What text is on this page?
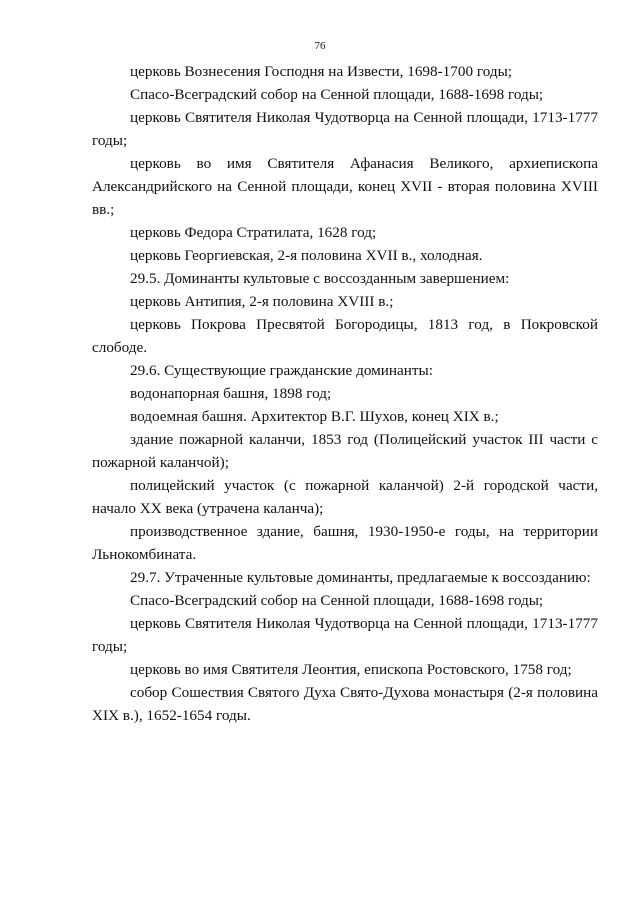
76

церковь Вознесения Господня на Извести, 1698-1700 годы;

Спасо-Всеградский собор на Сенной площади, 1688-1698 годы;

церковь Святителя Николая Чудотворца на Сенной площади, 1713-1777 годы;

церковь во имя Святителя Афанасия Великого, архиепископа Александрийского на Сенной площади, конец XVII - вторая половина XVIII вв.;

церковь Федора Стратилата, 1628 год;

церковь Георгиевская, 2-я половина XVII в., холодная.

29.5. Доминанты культовые с воссозданным завершением:

церковь Антипия, 2-я половина XVIII в.;

церковь Покрова Пресвятой Богородицы, 1813 год, в Покровской слободе.

29.6. Существующие гражданские доминанты:

водонапорная башня, 1898 год;

водоемная башня. Архитектор В.Г. Шухов, конец XIX в.;

здание пожарной каланчи, 1853 год (Полицейский участок III части с пожарной каланчой);

полицейский участок (с пожарной каланчой) 2-й городской части, начало XX века (утрачена каланча);

производственное здание, башня, 1930-1950-е годы, на территории Льнокомбината.

29.7. Утраченные культовые доминанты, предлагаемые к воссозданию:

Спасо-Всеградский собор на Сенной площади, 1688-1698 годы;

церковь Святителя Николая Чудотворца на Сенной площади, 1713-1777 годы;

церковь во имя Святителя Леонтия, епископа Ростовского, 1758 год;

собор Сошествия Святого Духа Свято-Духова монастыря (2-я половина XIX в.), 1652-1654 годы.
